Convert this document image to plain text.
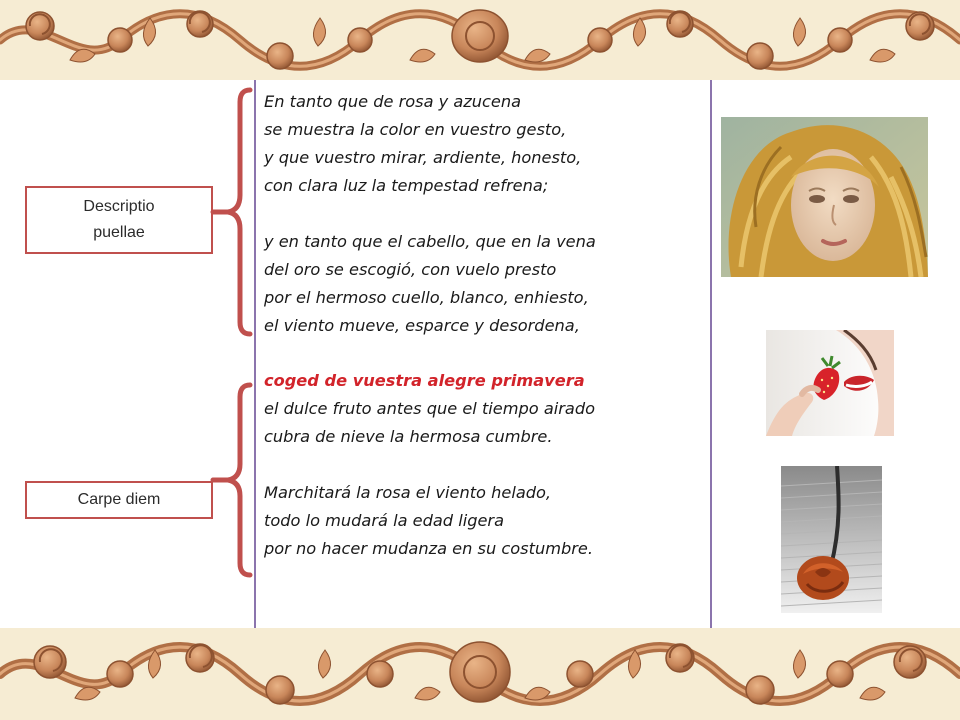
En tanto que de rosa y azucena
se muestra la color en vuestro gesto,
y que vuestro mirar, ardiente, honesto,
con clara luz la tempestad refrena;
y en tanto que el cabello, que en la vena
del oro se escogió, con vuelo presto
por el hermoso cuello, blanco, enhiesto,
el viento mueve, esparce y desordena,
coged de vuestra alegre primavera
el dulce fruto antes que el tiempo airado
cubra de nieve la hermosa cumbre.
Marchitará la rosa el viento helado,
todo lo mudará la edad ligera
por no hacer mudanza en su costumbre.
Descriptio
puellae
Carpe diem
